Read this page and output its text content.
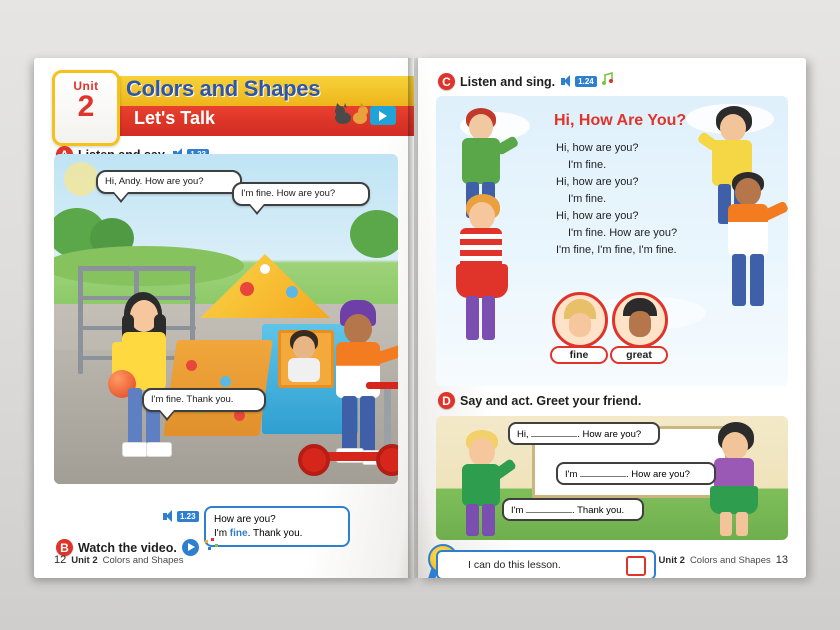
Unit
2
Colors and Shapes
Let's Talk
Hi, Andy. How are you?
I'm fine. How are you?
I'm fine. Thank you.
1.23	How are you?
I'm fine. Thank you.
B Watch the video.
12 Unit 2 Colors and Shapes
C Listen and sing.	1.24
Hi, How Are You?
Hi, how are you?
I'm fine.
Hi, how are you?
I'm fine.
Hi, how are you?
I'm fine. How are you?
I'm fine, I'm fine, I'm fine.
fine	great
D Say and act. Greet your friend.
Hi,	. How are you?
I'm	. How are you?
I'm	. Thank you.
I can do this lesson.	Unit 2 Colors and Shapes 13
